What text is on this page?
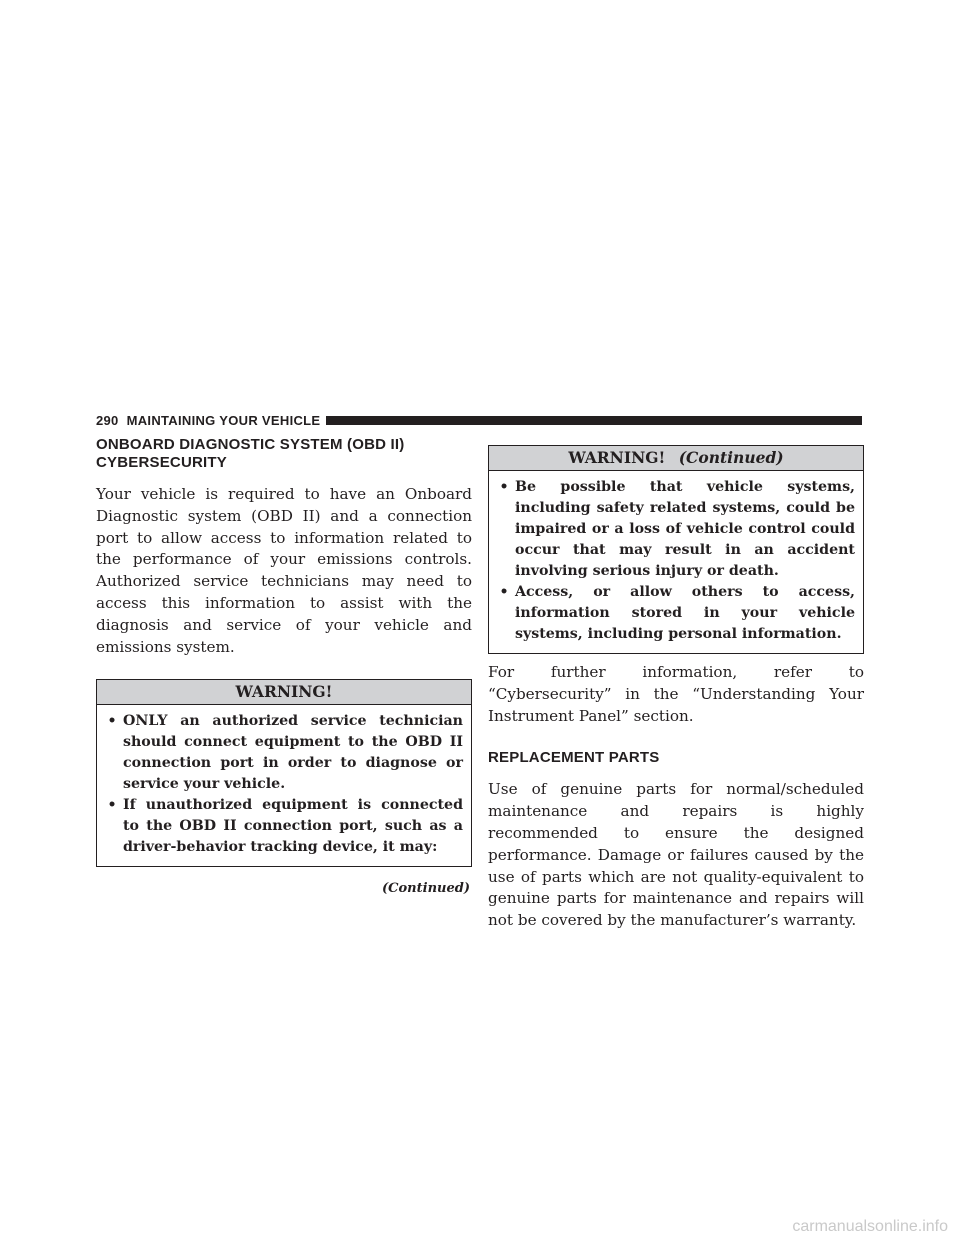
290 MAINTAINING YOUR VEHICLE
ONBOARD DIAGNOSTIC SYSTEM (OBD II)
CYBERSECURITY

Your vehicle is required to have an Onboard Diagnostic system (OBD II) and a connection port to allow access to information related to the performance of your emissions controls. Authorized service technicians may need to access this information to assist with the diagnosis and service of your vehicle and emissions system.

WARNING!
• ONLY an authorized service technician should connect equipment to the OBD II connection port in order to diagnose or service your vehicle.
• If unauthorized equipment is connected to the OBD II connection port, such as a driver-behavior tracking device, it may:
(Continued)
WARNING! (Continued)
• Be possible that vehicle systems, including safety related systems, could be impaired or a loss of vehicle control could occur that may result in an accident involving serious injury or death.
• Access, or allow others to access, information stored in your vehicle systems, including personal information.

For further information, refer to “Cybersecurity” in the “Understanding Your Instrument Panel” section.

REPLACEMENT PARTS

Use of genuine parts for normal/scheduled maintenance and repairs is highly recommended to ensure the designed performance. Damage or failures caused by the use of parts which are not quality-equivalent to genuine parts for maintenance and repairs will not be covered by the manufacturer’s warranty.

carmanualsonline.info
